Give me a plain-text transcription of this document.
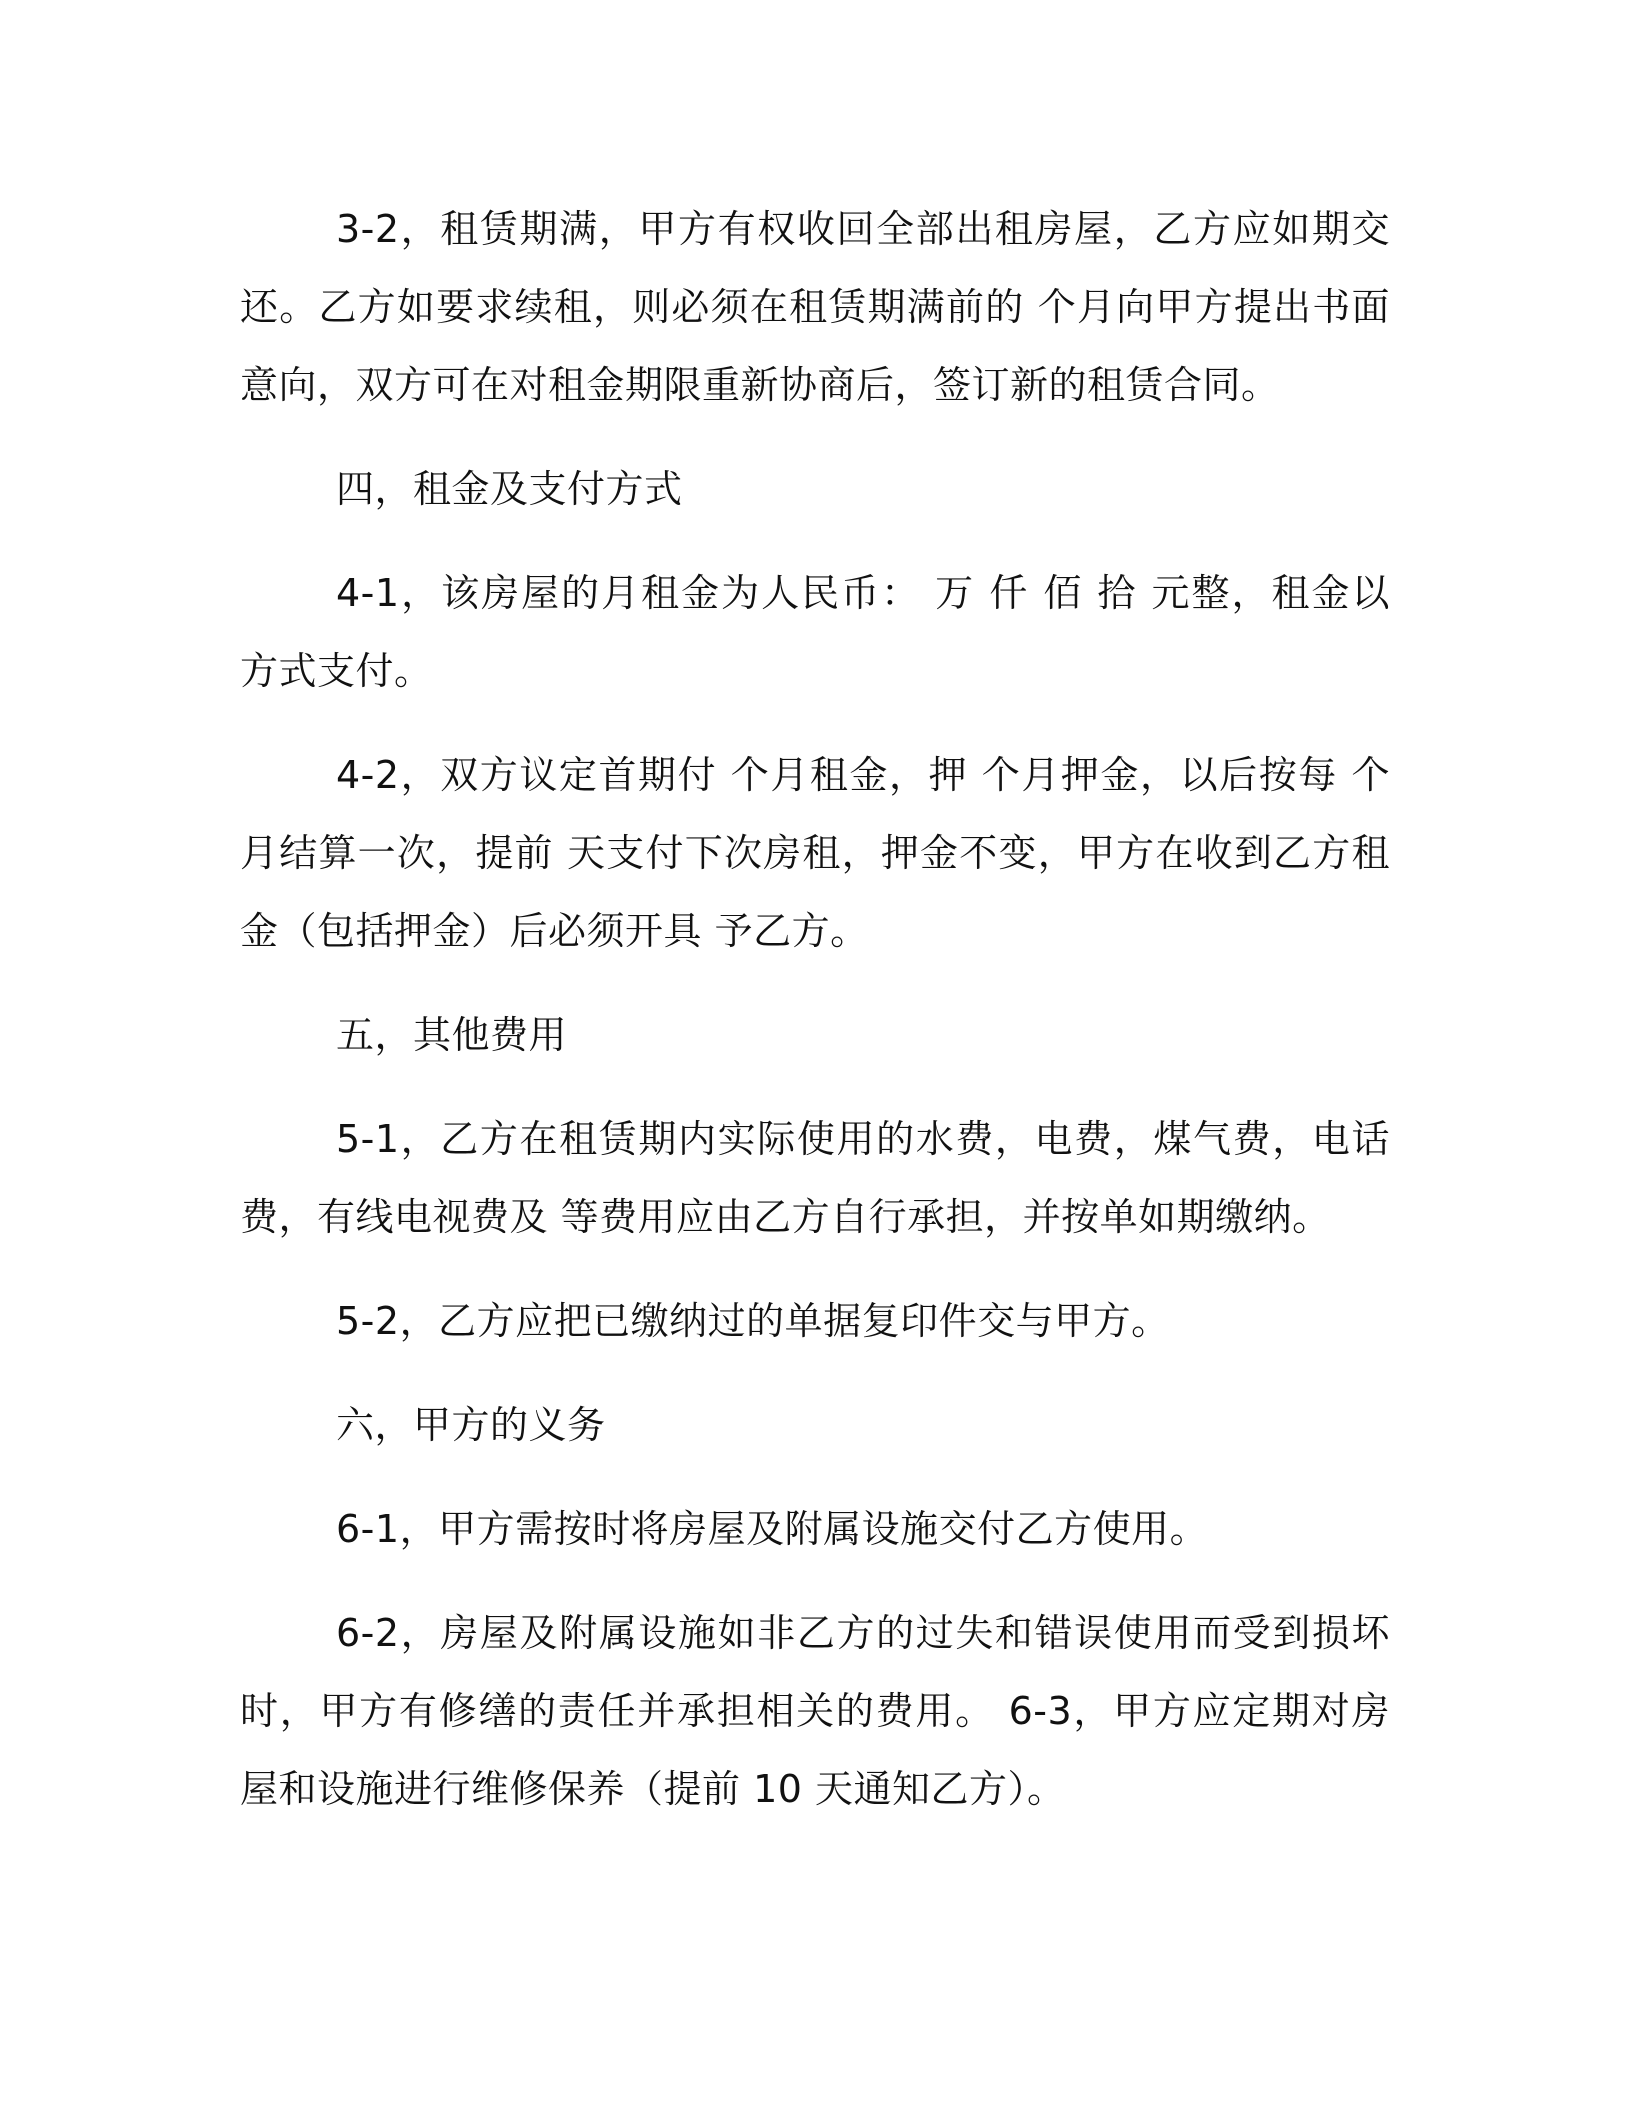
3-2，租赁期满，甲方有权收回全部出租房屋，乙方应如期交还。乙方如要求续租，则必须在租赁期满前的 个月向甲方提出书面意向，双方可在对租金期限重新协商后，签订新的租赁合同。

四，租金及支付方式

4-1，该房屋的月租金为人民币： 万 仟 佰 拾 元整，租金以 方式支付。

4-2，双方议定首期付 个月租金，押 个月押金，以后按每 个月结算一次，提前 天支付下次房租，押金不变，甲方在收到乙方租金（包括押金）后必须开具 予乙方。

五，其他费用

5-1，乙方在租赁期内实际使用的水费，电费，煤气费，电话费，有线电视费及 等费用应由乙方自行承担，并按单如期缴纳。

5-2，乙方应把已缴纳过的单据复印件交与甲方。

六，甲方的义务

6-1，甲方需按时将房屋及附属设施交付乙方使用。

6-2，房屋及附属设施如非乙方的过失和错误使用而受到损坏时，甲方有修缮的责任并承担相关的费用。 6-3，甲方应定期对房屋和设施进行维修保养（提前 10 天通知乙方）。
